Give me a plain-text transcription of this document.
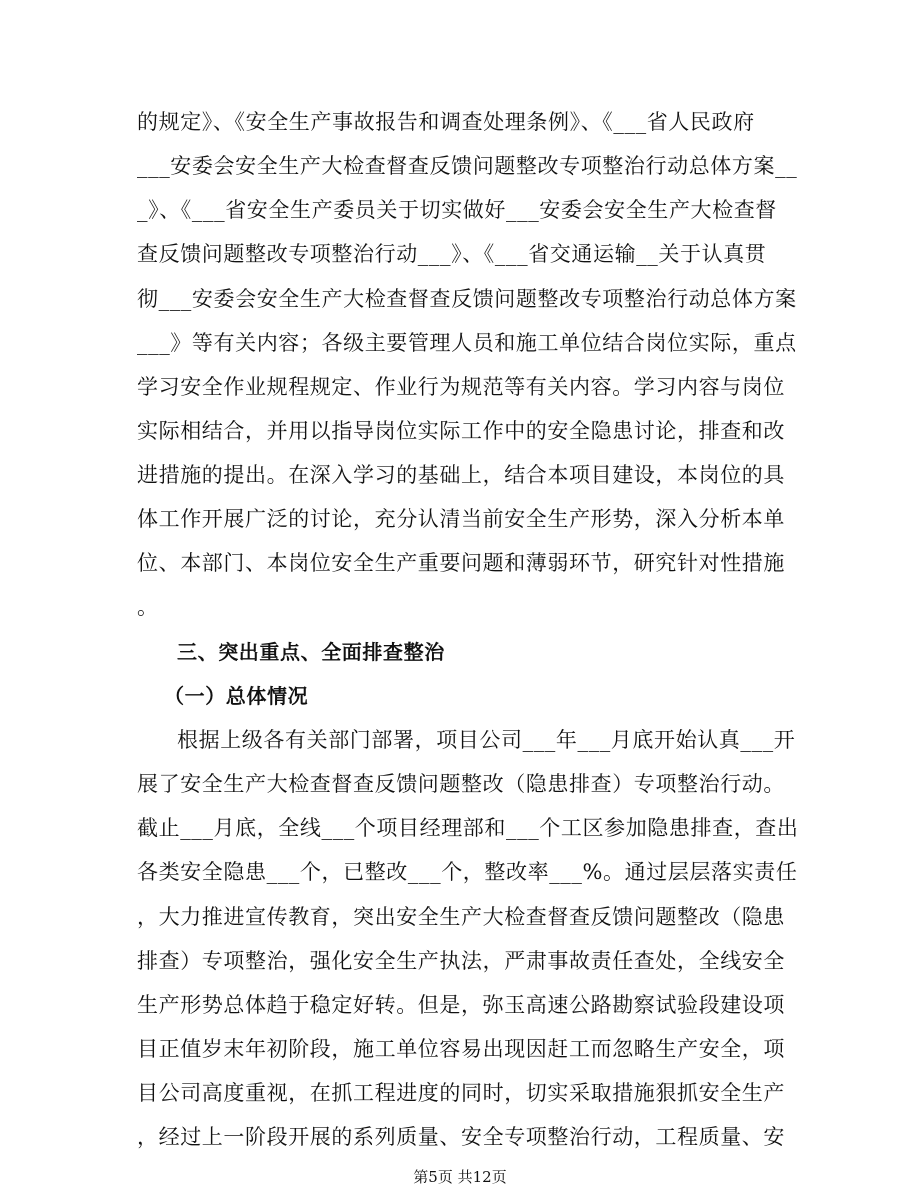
的规定》、《安全生产事故报告和调查处理条例》、《___省人民政府
___安委会安全生产大检查督查反馈问题整改专项整治行动总体方案__
_》、《___省安全生产委员关于切实做好___安委会安全生产大检查督
查反馈问题整改专项整治行动___》、《___省交通运输__关于认真贯
彻___安委会安全生产大检查督查反馈问题整改专项整治行动总体方案
___》等有关内容；各级主要管理人员和施工单位结合岗位实际，重点
学习安全作业规程规定、作业行为规范等有关内容。学习内容与岗位
实际相结合，并用以指导岗位实际工作中的安全隐患讨论，排查和改
进措施的提出。在深入学习的基础上，结合本项目建设，本岗位的具
体工作开展广泛的讨论，充分认清当前安全生产形势，深入分析本单
位、本部门、本岗位安全生产重要问题和薄弱环节，研究针对性措施
。
三、突出重点、全面排查整治
（一）总体情况
根据上级各有关部门部署，项目公司___年___月底开始认真___开
展了安全生产大检查督查反馈问题整改（隐患排查）专项整治行动。
截止___月底，全线___个项目经理部和___个工区参加隐患排查，查出
各类安全隐患___个，已整改___个，整改率___%。通过层层落实责任
，大力推进宣传教育，突出安全生产大检查督查反馈问题整改（隐患
排查）专项整治，强化安全生产执法，严肃事故责任查处，全线安全
生产形势总体趋于稳定好转。但是，弥玉高速公路勘察试验段建设项
目正值岁末年初阶段，施工单位容易出现因赶工而忽略生产安全，项
目公司高度重视，在抓工程进度的同时，切实采取措施狠抓安全生产
，经过上一阶段开展的系列质量、安全专项整治行动，工程质量、安
第5页 共12页
